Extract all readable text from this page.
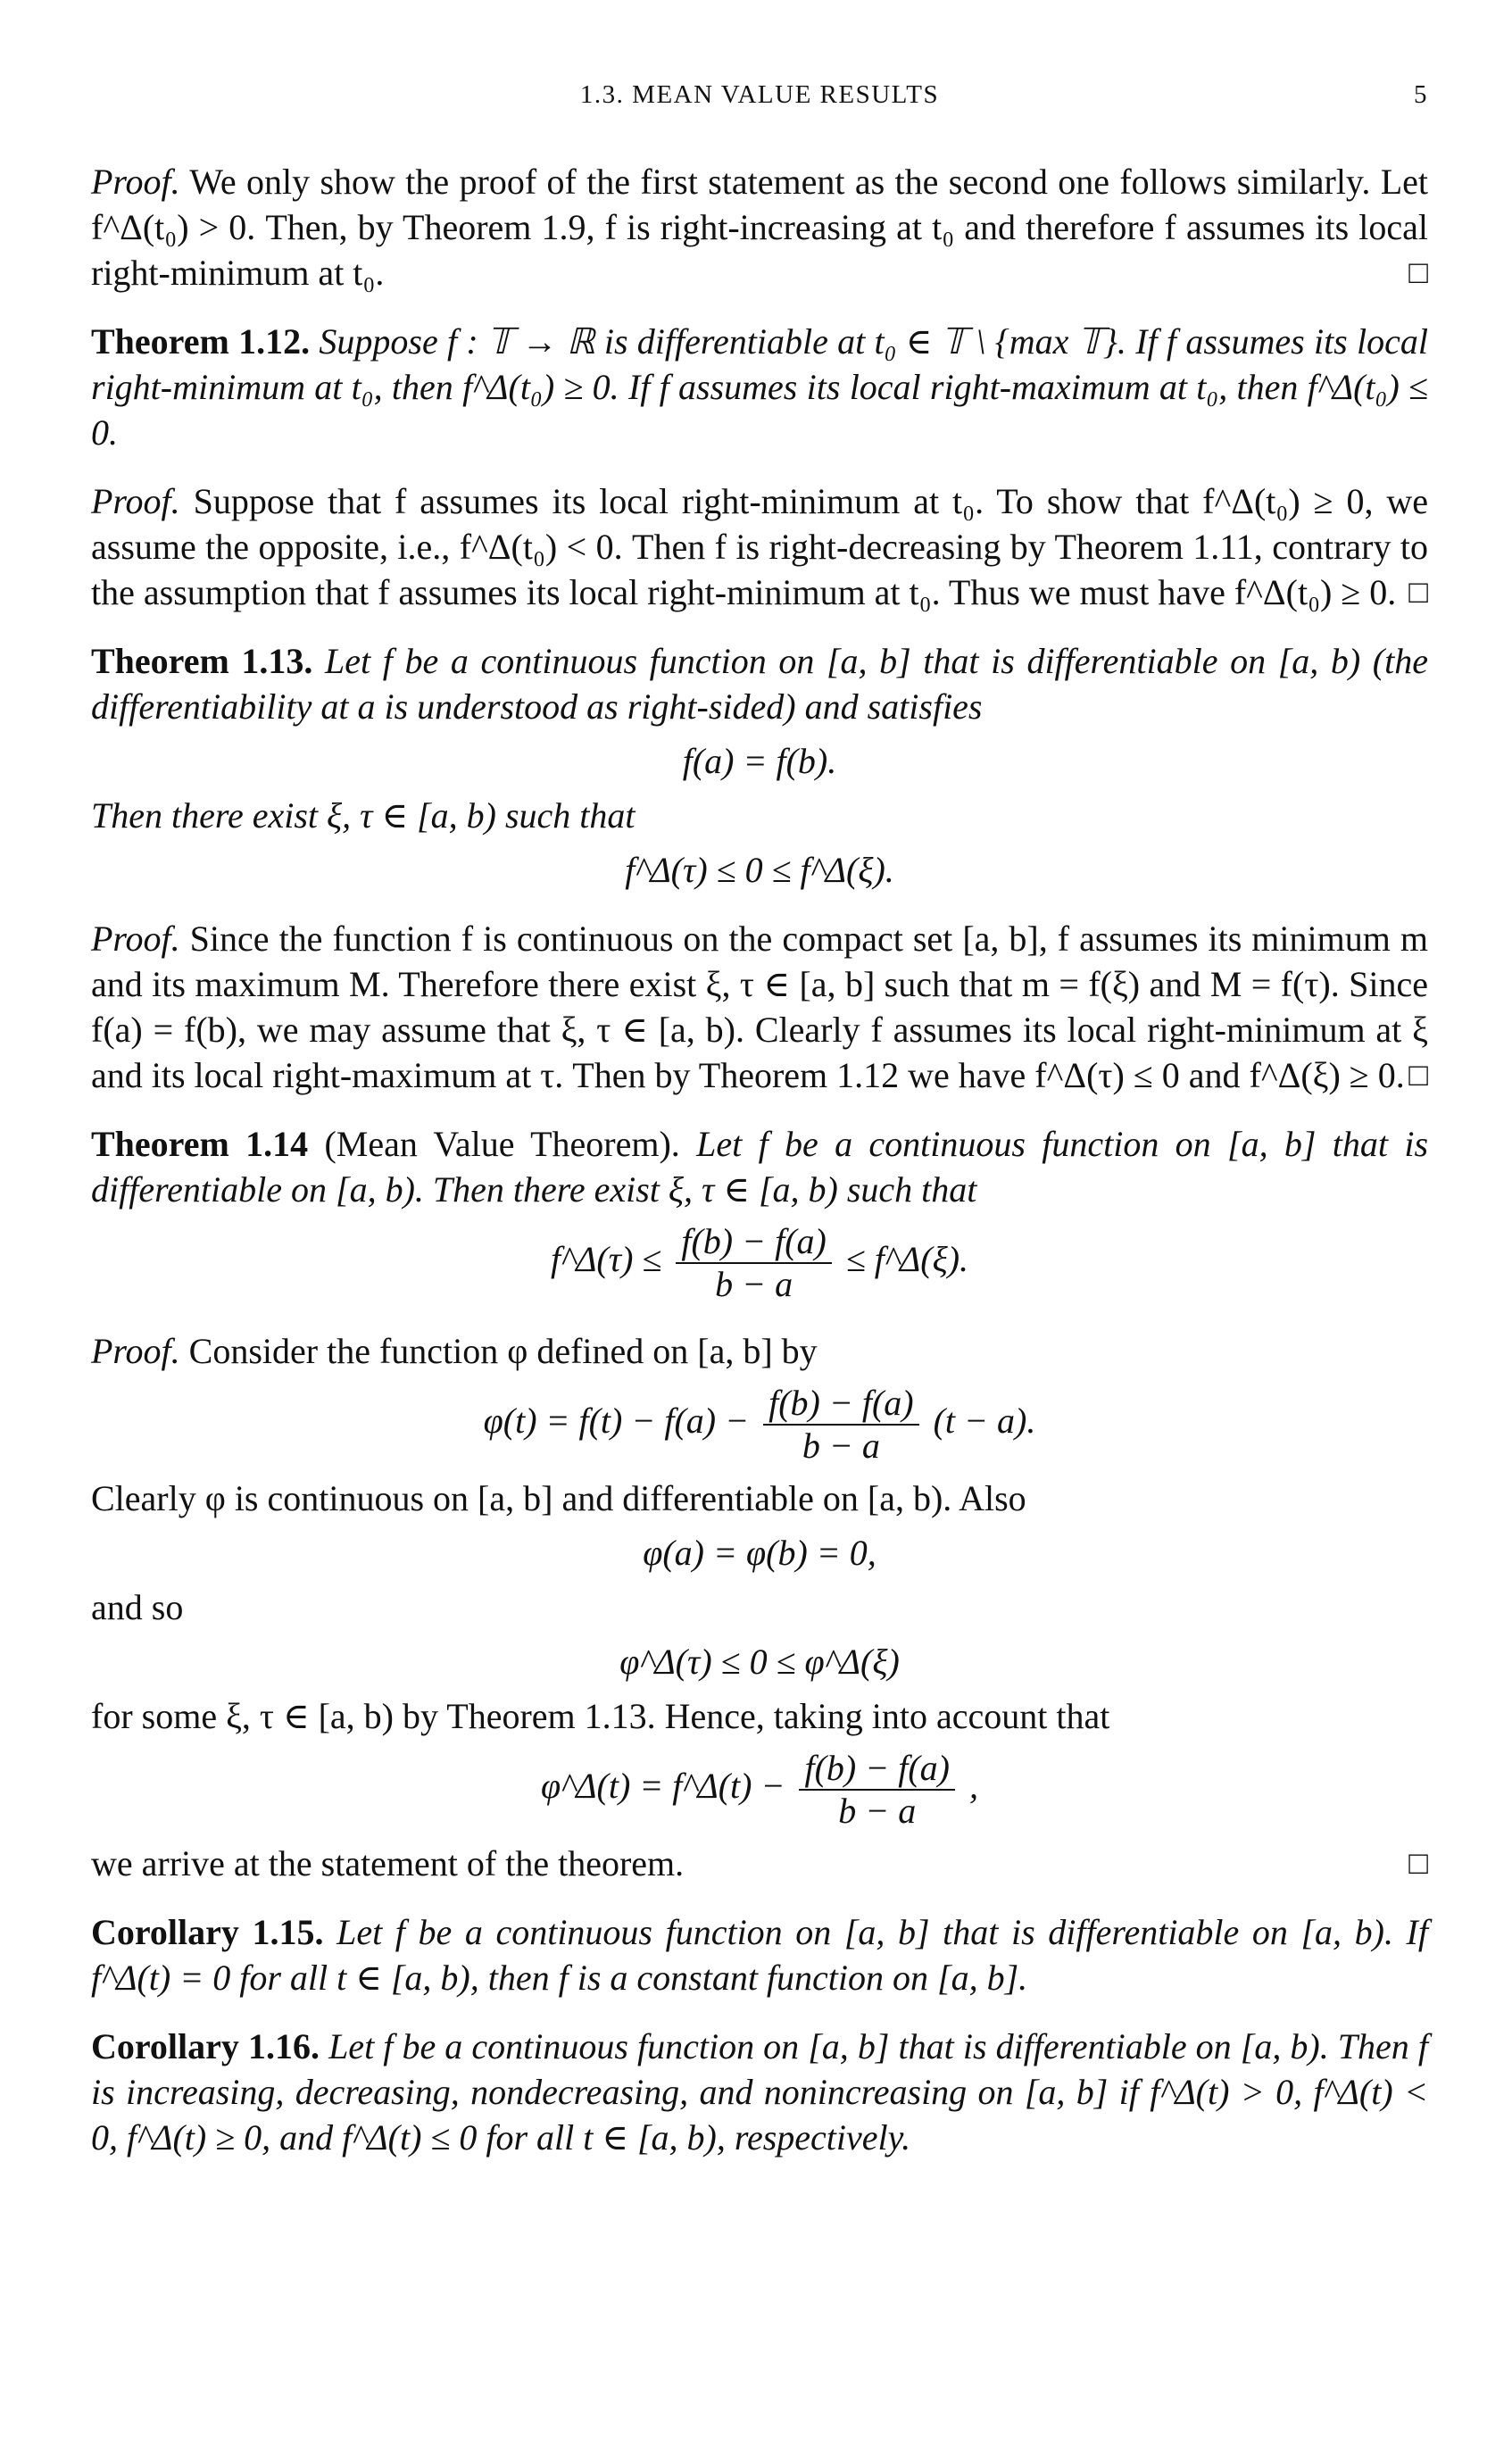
1.3. MEAN VALUE RESULTS	5

Proof. We only show the proof of the first statement as the second one follows similarly. Let f^Δ(t₀) > 0. Then, by Theorem 1.9, f is right-increasing at t₀ and therefore f assumes its local right-minimum at t₀.	□

Theorem 1.12. Suppose f : 𝕋 → ℝ is differentiable at t₀ ∈ 𝕋 \ {max 𝕋}. If f assumes its local right-minimum at t₀, then f^Δ(t₀) ≥ 0. If f assumes its local right-maximum at t₀, then f^Δ(t₀) ≤ 0.

Proof. Suppose that f assumes its local right-minimum at t₀. To show that f^Δ(t₀) ≥ 0, we assume the opposite, i.e., f^Δ(t₀) < 0. Then f is right-decreasing by Theorem 1.11, contrary to the assumption that f assumes its local right-minimum at t₀. Thus we must have f^Δ(t₀) ≥ 0. □

Theorem 1.13. Let f be a continuous function on [a, b] that is differentiable on [a, b) (the differentiability at a is understood as right-sided) and satisfies

f(a) = f(b).

Then there exist ξ, τ ∈ [a, b) such that

f^Δ(τ) ≤ 0 ≤ f^Δ(ξ).

Proof. Since the function f is continuous on the compact set [a, b], f assumes its minimum m and its maximum M. Therefore there exist ξ, τ ∈ [a, b] such that m = f(ξ) and M = f(τ). Since f(a) = f(b), we may assume that ξ, τ ∈ [a, b). Clearly f assumes its local right-minimum at ξ and its local right-maximum at τ. Then by Theorem 1.12 we have f^Δ(τ) ≤ 0 and f^Δ(ξ) ≥ 0. □

Theorem 1.14 (Mean Value Theorem). Let f be a continuous function on [a, b] that is differentiable on [a, b). Then there exist ξ, τ ∈ [a, b) such that

f^Δ(τ) ≤ $\frac{f(b) - f(a)}{b - a}$ ≤ f^Δ(ξ).

Proof. Consider the function φ defined on [a, b] by

$\varphi(t) = f(t) - f(a) - \frac{f(b) - f(a)}{b - a} (t - a)$.

Clearly φ is continuous on [a, b] and differentiable on [a, b). Also

φ(a) = φ(b) = 0,

and so

φ^Δ(τ) ≤ 0 ≤ φ^Δ(ξ)

for some ξ, τ ∈ [a, b) by Theorem 1.13. Hence, taking into account that

φ^Δ(t) = f^Δ(t) − $\frac{f(b) - f(a)}{b - a}$ ,

we arrive at the statement of the theorem.	□

Corollary 1.15. Let f be a continuous function on [a, b] that is differentiable on [a, b). If f^Δ(t) = 0 for all t ∈ [a, b), then f is a constant function on [a, b].

Corollary 1.16. Let f be a continuous function on [a, b] that is differentiable on [a, b). Then f is increasing, decreasing, nondecreasing, and nonincreasing on [a, b] if f^Δ(t) > 0, f^Δ(t) < 0, f^Δ(t) ≥ 0, and f^Δ(t) ≤ 0 for all t ∈ [a, b), respectively.
